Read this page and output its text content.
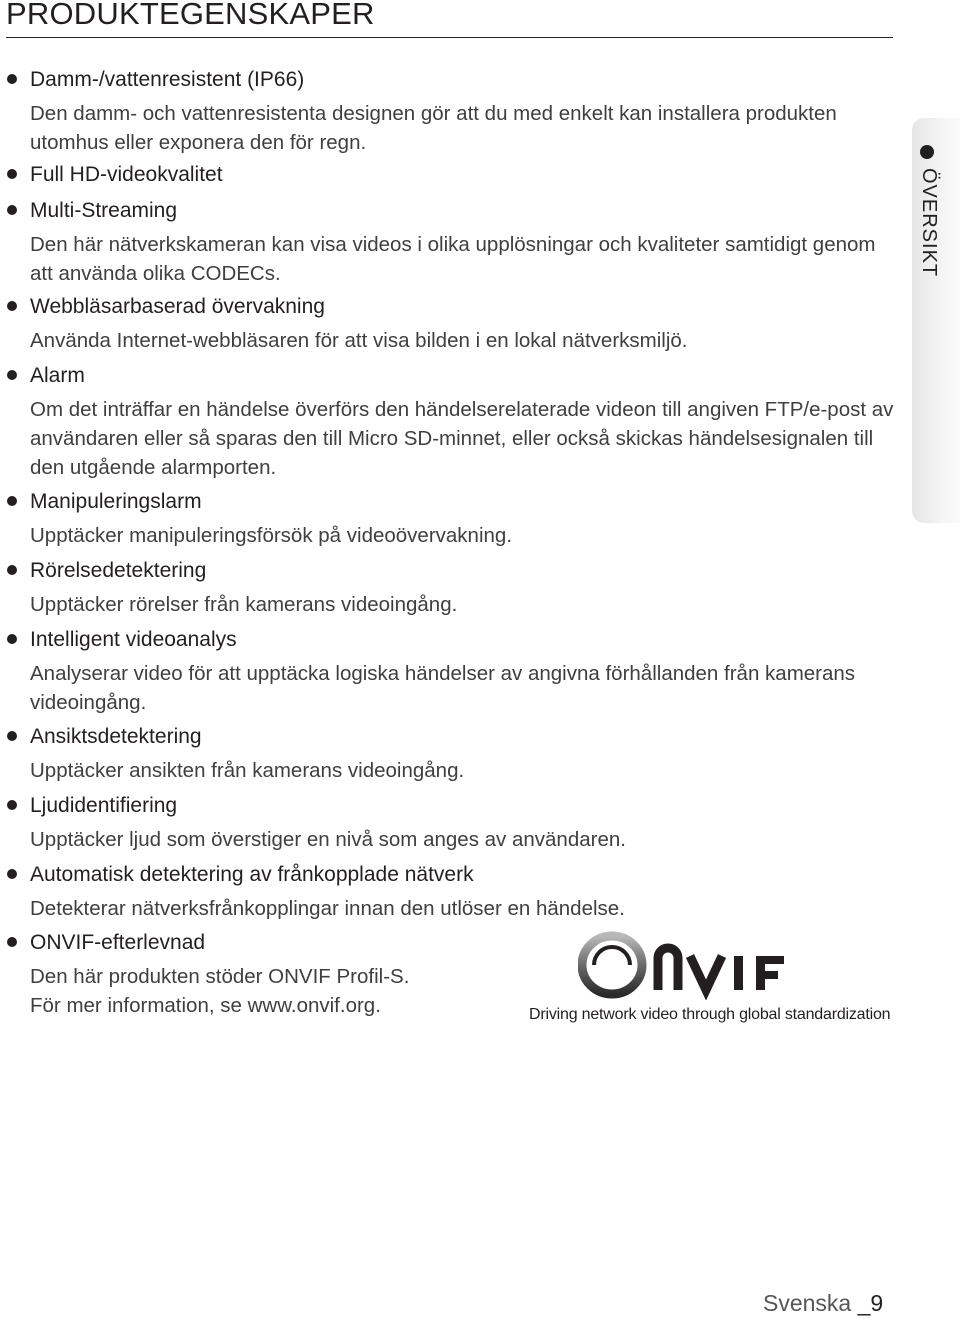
PRODUKTEGENSKAPER
Damm-/vattenresistent (IP66)
Den damm- och vattenresistenta designen gör att du med enkelt kan installera produkten utomhus eller exponera den för regn.
Full HD-videokvalitet
Multi-Streaming
Den här nätverkskameran kan visa videos i olika upplösningar och kvaliteter samtidigt genom att använda olika CODECs.
Webbläsarbaserad övervakning
Använda Internet-webbläsaren för att visa bilden i en lokal nätverksmiljö.
Alarm
Om det inträffar en händelse överförs den händelserelaterade videon till angiven FTP/e-post av användaren eller så sparas den till Micro SD-minnet, eller också skickas händelsesignalen till den utgående alarmporten.
Manipuleringslarm
Upptäcker manipuleringsförsök på videoövervakning.
Rörelsedetektering
Upptäcker rörelser från kamerans videoingång.
Intelligent videoanalys
Analyserar video för att upptäcka logiska händelser av angivna förhållanden från kamerans videoingång.
Ansiktsdetektering
Upptäcker ansikten från kamerans videoingång.
Ljudidentifiering
Upptäcker ljud som överstiger en nivå som anges av användaren.
Automatisk detektering av frånkopplade nätverk
Detekterar nätverksfrånkopplingar innan den utlöser en händelse.
ONVIF-efterlevnad
Den här produkten stöder ONVIF Profil-S.
För mer information, se www.onvif.org.	Driving network video through global standardization
ÖVERSIKT
Svenska _9
